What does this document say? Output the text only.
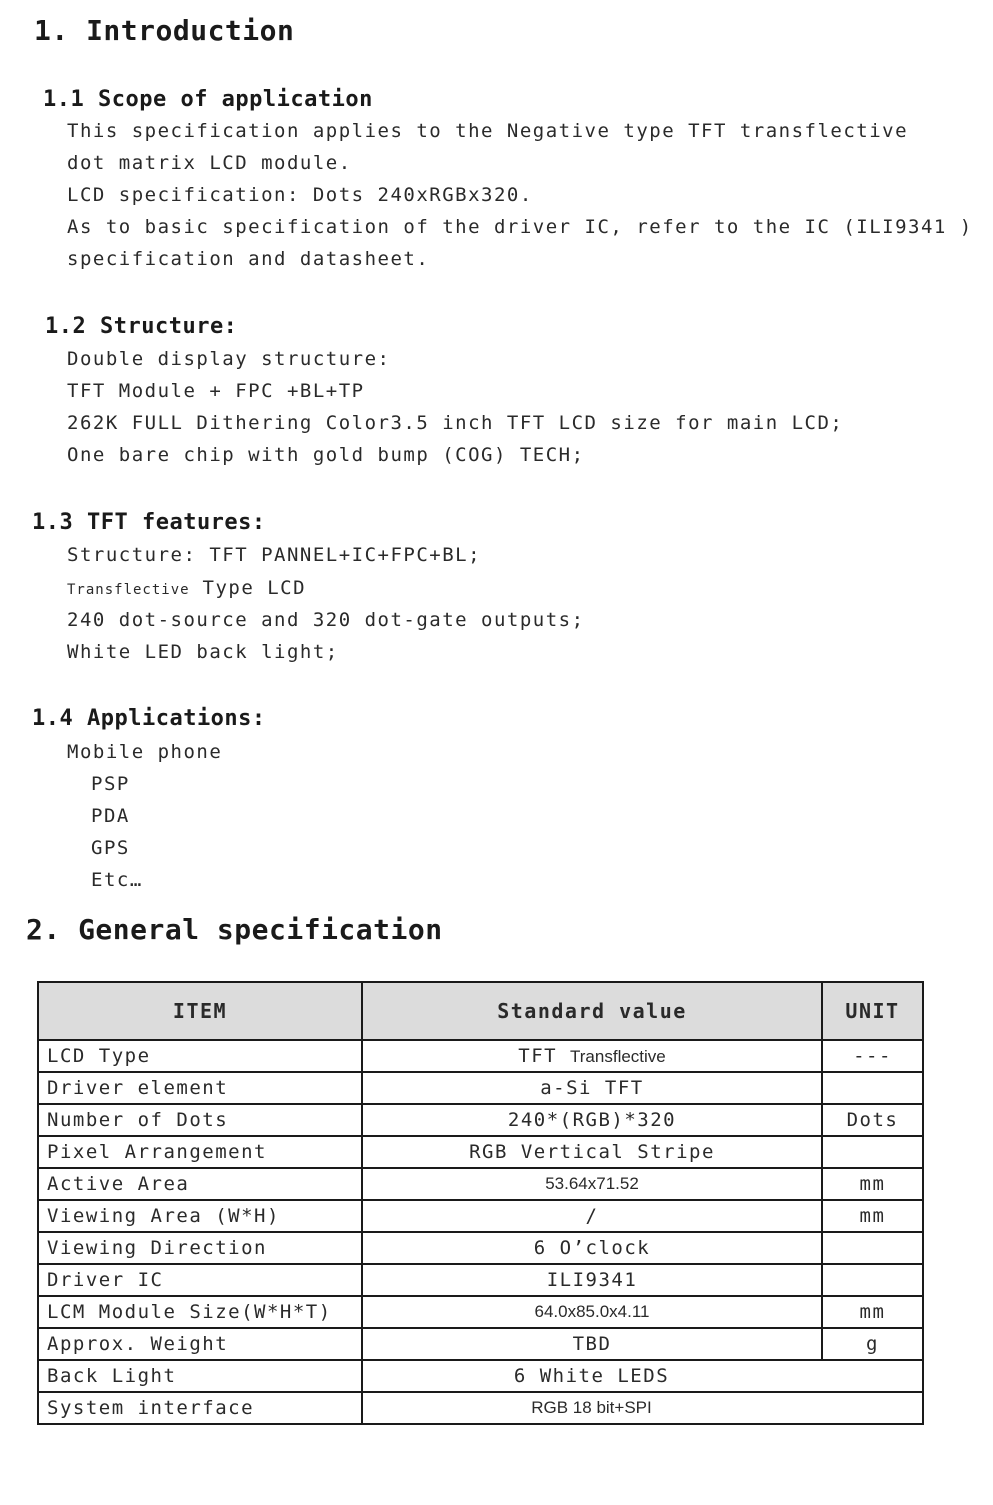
1. Introduction
1.1 Scope of application
This specification applies to the Negative type TFT transflective
dot matrix LCD module.
LCD specification: Dots 240xRGBx320.
As to basic specification of the driver IC, refer to the IC (ILI9341 )
specification and datasheet.
1.2 Structure:
Double display structure:
TFT Module + FPC +BL+TP
262K FULL Dithering Color3.5 inch TFT LCD size for main LCD;
One bare chip with gold bump (COG) TECH;
1.3 TFT features:
Structure: TFT PANNEL+IC+FPC+BL;
Transflective Type LCD
240 dot-source and 320 dot-gate outputs;
White LED back light;
1.4 Applications:
Mobile phone
PSP
PDA
GPS
Etc…
2. General specification
ITEM	Standard value	UNIT
LCD Type	TFT Transflective	---
Driver element	a-Si TFT	
Number of Dots	240*(RGB)*320	Dots
Pixel Arrangement	RGB Vertical Stripe	
Active Area	53.64x71.52	mm
Viewing Area (W*H)	/	mm
Viewing Direction	6 O’clock	
Driver IC	ILI9341	
LCM Module Size(W*H*T)	64.0x85.0x4.11	mm
Approx. Weight	TBD	g
Back Light	6 White LEDS	
System interface	RGB 18 bit+SPI	
